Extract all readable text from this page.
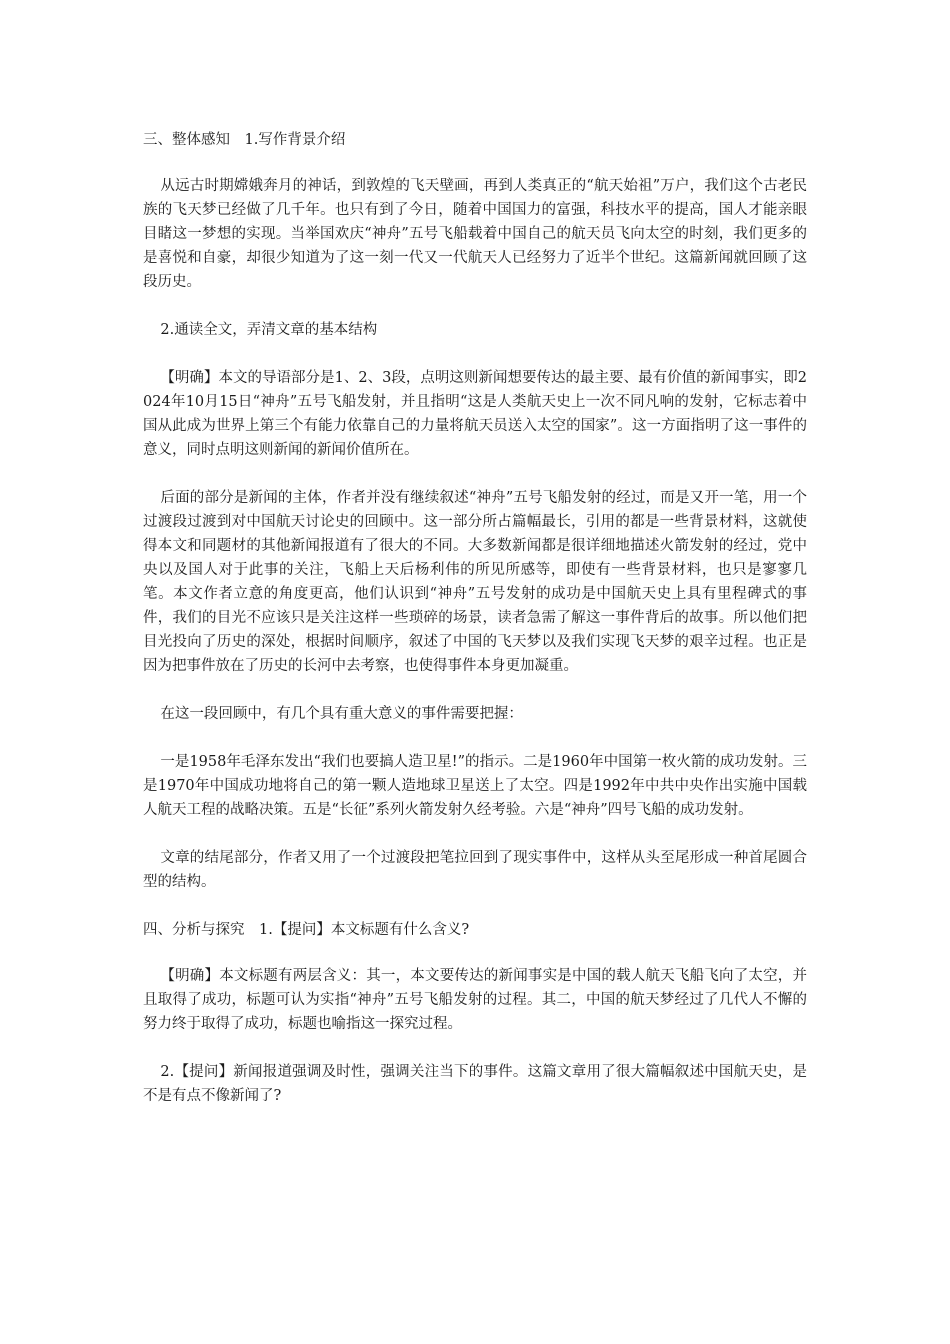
三、整体感知　1.写作背景介绍

从远古时期嫦娥奔月的神话，到敦煌的飞天壁画，再到人类真正的“航天始祖”万户，我们这个古老民族的飞天梦已经做了几千年。也只有到了今日，随着中国国力的富强，科技水平的提高，国人才能亲眼目睹这一梦想的实现。当举国欢庆“神舟”五号飞船载着中国自己的航天员飞向太空的时刻，我们更多的是喜悦和自豪，却很少知道为了这一刻一代又一代航天人已经努力了近半个世纪。这篇新闻就回顾了这段历史。

2.通读全文，弄清文章的基本结构

【明确】本文的导语部分是1、2、3段，点明这则新闻想要传达的最主要、最有价值的新闻事实，即2024年10月15日“神舟”五号飞船发射，并且指明“这是人类航天史上一次不同凡响的发射，它标志着中国从此成为世界上第三个有能力依靠自己的力量将航天员送入太空的国家”。这一方面指明了这一事件的意义，同时点明这则新闻的新闻价值所在。

后面的部分是新闻的主体，作者并没有继续叙述“神舟”五号飞船发射的经过，而是又开一笔，用一个过渡段过渡到对中国航天讨论史的回顾中。这一部分所占篇幅最长，引用的都是一些背景材料，这就使得本文和同题材的其他新闻报道有了很大的不同。大多数新闻都是很详细地描述火箭发射的经过，党中央以及国人对于此事的关注，飞船上天后杨利伟的所见所感等，即使有一些背景材料，也只是寥寥几笔。本文作者立意的角度更高，他们认识到“神舟”五号发射的成功是中国航天史上具有里程碑式的事件，我们的目光不应该只是关注这样一些琐碎的场景，读者急需了解这一事件背后的故事。所以他们把目光投向了历史的深处，根据时间顺序，叙述了中国的飞天梦以及我们实现飞天梦的艰辛过程。也正是因为把事件放在了历史的长河中去考察，也使得事件本身更加凝重。

在这一段回顾中，有几个具有重大意义的事件需要把握：

一是1958年毛泽东发出“我们也要搞人造卫星!”的指示。二是1960年中国第一枚火箭的成功发射。三是1970年中国成功地将自己的第一颗人造地球卫星送上了太空。四是1992年中共中央作出实施中国载人航天工程的战略决策。五是“长征”系列火箭发射久经考验。六是“神舟”四号飞船的成功发射。

文章的结尾部分，作者又用了一个过渡段把笔拉回到了现实事件中，这样从头至尾形成一种首尾圆合型的结构。

四、分析与探究　1.【提问】本文标题有什么含义?

【明确】本文标题有两层含义：其一，本文要传达的新闻事实是中国的载人航天飞船飞向了太空，并且取得了成功，标题可认为实指“神舟”五号飞船发射的过程。其二，中国的航天梦经过了几代人不懈的努力终于取得了成功，标题也喻指这一探究过程。

2.【提问】新闻报道强调及时性，强调关注当下的事件。这篇文章用了很大篇幅叙述中国航天史，是不是有点不像新闻了?
